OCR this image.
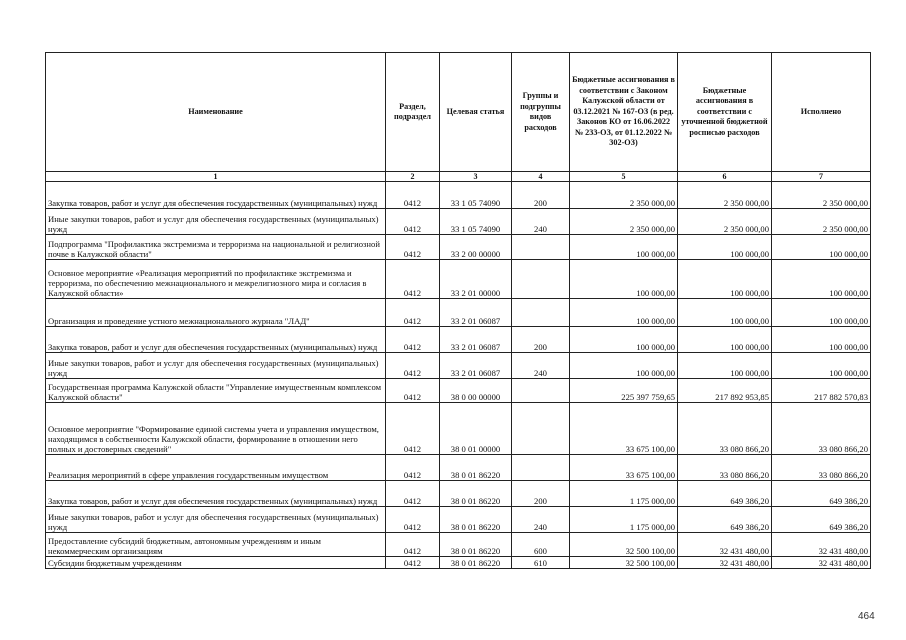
Наименование	Раздел, подраздел	Целевая статья	Группы и подгруппы видов расходов	Бюджетные ассигнования в соответствии с Законом Калужской области от 03.12.2021 № 167-ОЗ (в ред. Законов КО от 16.06.2022 № 233-ОЗ, от 01.12.2022 № 302-ОЗ)	Бюджетные ассигнования в соответствии с уточненной бюджетной росписью расходов	Исполнено
1	2	3	4	5	6	7
Закупка товаров, работ и услуг для обеспечения государственных (муниципальных) нужд	0412	33 1 05 74090	200	2 350 000,00	2 350 000,00	2 350 000,00
Иные закупки товаров, работ и услуг для обеспечения государственных (муниципальных) нужд	0412	33 1 05 74090	240	2 350 000,00	2 350 000,00	2 350 000,00
Подпрограмма "Профилактика экстремизма и терроризма на национальной и религиозной почве в Калужской области"	0412	33 2 00 00000		100 000,00	100 000,00	100 000,00
Основное мероприятие «Реализация мероприятий по профилактике экстремизма и терроризма, по обеспечению межнационального и межрелигиозного мира и согласия в Калужской области»	0412	33 2 01 00000		100 000,00	100 000,00	100 000,00
Организация и проведение устного межнационального журнала "ЛАД"	0412	33 2 01 06087		100 000,00	100 000,00	100 000,00
Закупка товаров, работ и услуг для обеспечения государственных (муниципальных) нужд	0412	33 2 01 06087	200	100 000,00	100 000,00	100 000,00
Иные закупки товаров, работ и услуг для обеспечения государственных (муниципальных) нужд	0412	33 2 01 06087	240	100 000,00	100 000,00	100 000,00
Государственная программа Калужской области "Управление имущественным комплексом Калужской области"	0412	38 0 00 00000		225 397 759,65	217 892 953,85	217 882 570,83
Основное мероприятие "Формирование единой системы учета и управления имуществом, находящимся в собственности Калужской области, формирование в отношении него полных и достоверных сведений"	0412	38 0 01 00000		33 675 100,00	33 080 866,20	33 080 866,20
Реализация мероприятий в сфере управления государственным имуществом	0412	38 0 01 86220		33 675 100,00	33 080 866,20	33 080 866,20
Закупка товаров, работ и услуг для обеспечения государственных (муниципальных) нужд	0412	38 0 01 86220	200	1 175 000,00	649 386,20	649 386,20
Иные закупки товаров, работ и услуг для обеспечения государственных (муниципальных) нужд	0412	38 0 01 86220	240	1 175 000,00	649 386,20	649 386,20
Предоставление субсидий бюджетным, автономным учреждениям и иным некоммерческим организациям	0412	38 0 01 86220	600	32 500 100,00	32 431 480,00	32 431 480,00
Субсидии бюджетным учреждениям	0412	38 0 01 86220	610	32 500 100,00	32 431 480,00	32 431 480,00
464
